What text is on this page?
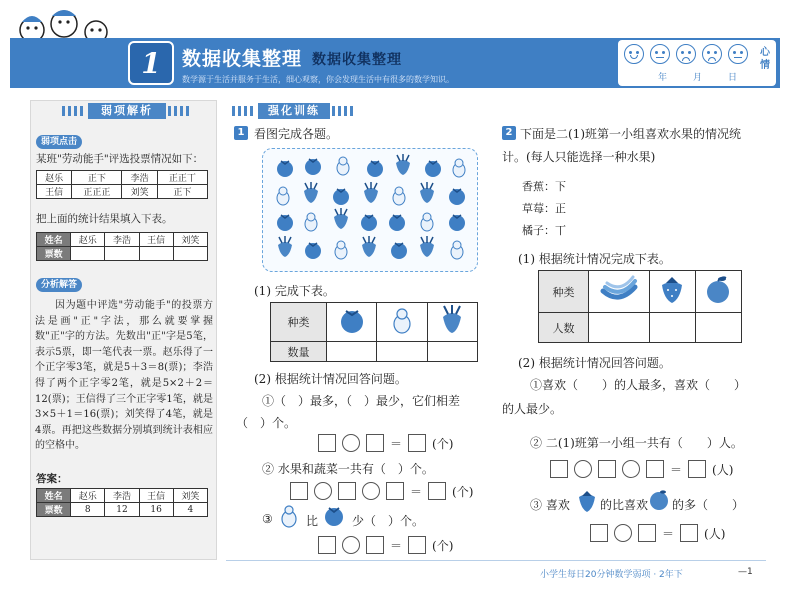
1	数据收集整理 数据收集整理
数学源于生活并服务于生活，细心观察，你会发现生活中有很多的数学知识。
心情
年	月	日
弱项解析
弱项点击
某班"劳动能手"评选投票情况如下：
赵乐	正下	李浩	正正丅
王信	正正正	刘笑	正下
把上面的统计结果填入下表。
姓名	赵乐	李浩	王信	刘笑
票数				
分析解答
因为题中评选"劳动能手"的投票方法是画"正"字法，那么就要掌握数"正"字的方法。先数出"正"字是5笔，表示5票，即一笔代表一票。赵乐得了一个正字零3笔，就是5＋3＝8(票)；李浩得了两个正字零2笔，就是5×2＋2＝12(票)；王信得了三个正字零1笔，就是3×5＋1＝16(票)；刘笑得了4笔，就是4票。再把这些数据分别填到统计表相应的空格中。
答案：
姓名	赵乐	李浩	王信	刘笑
票数	8	12	16	4
强化训练
1 看图完成各题。
(1) 完成下表。
种类			
数量			
(2) 根据统计情况回答问题。
①（　）最多，（　）最少，它们相差
（　）个。
＝	(个)
② 水果和蔬菜一共有（　）个。
＝	(个)
③	比	少（　）个。
＝	(个)
2 下面是二(1)班第一小组喜欢水果的情况统
计。(每人只能选择一种水果)
香蕉：下
草莓：正
橘子：丅
(1) 根据统计情况完成下表。
种类			
人数			
(2) 根据统计情况回答问题。
①喜欢（　　）的人最多，喜欢（　　）
的人最少。
② 二(1)班第一小组一共有（　　）人。
＝	(人)
③ 喜欢	的比喜欢 的多（　　）
＝	(人)
小学生每日20分钟数学弱项 · 2年下	—1
